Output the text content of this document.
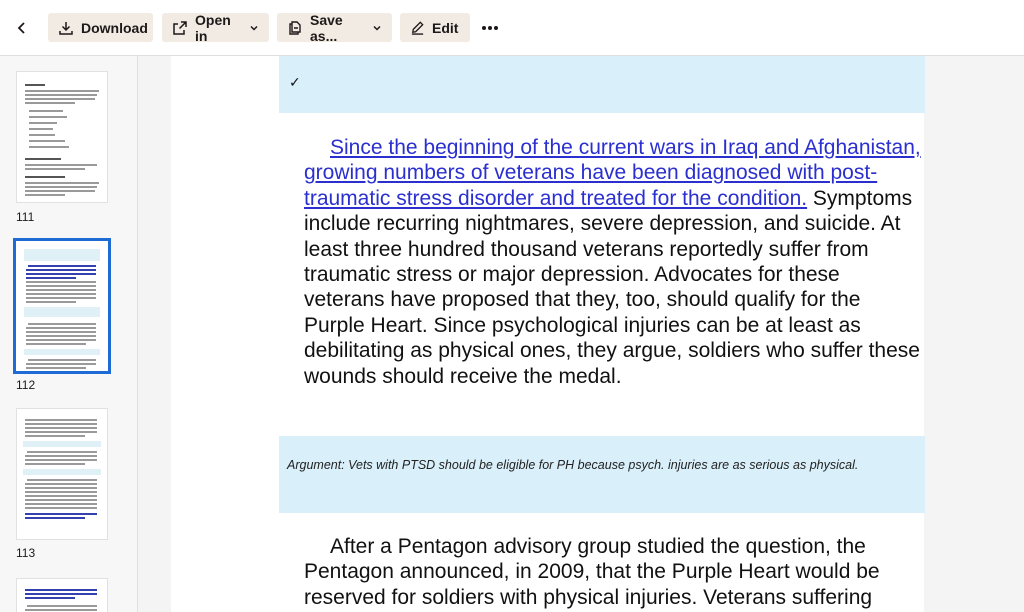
Download	Open in
Save as...	Edit
111
112
113
✓
Since the beginning of the current wars in Iraq and Afghanistan, growing numbers of veterans have been diagnosed with post-traumatic stress disorder and treated for the condition. Symptoms include recurring nightmares, severe depression, and suicide. At least three hundred thousand veterans reportedly suffer from traumatic stress or major depression. Advocates for these veterans have proposed that they, too, should qualify for the Purple Heart. Since psychological injuries can be at least as debilitating as physical ones, they argue, soldiers who suffer these wounds should receive the medal.
Argument: Vets with PTSD should be eligible for PH because psych. injuries are as serious as physical.
After a Pentagon advisory group studied the question, the Pentagon announced, in 2009, that the Purple Heart would be reserved for soldiers with physical injuries. Veterans suffering
